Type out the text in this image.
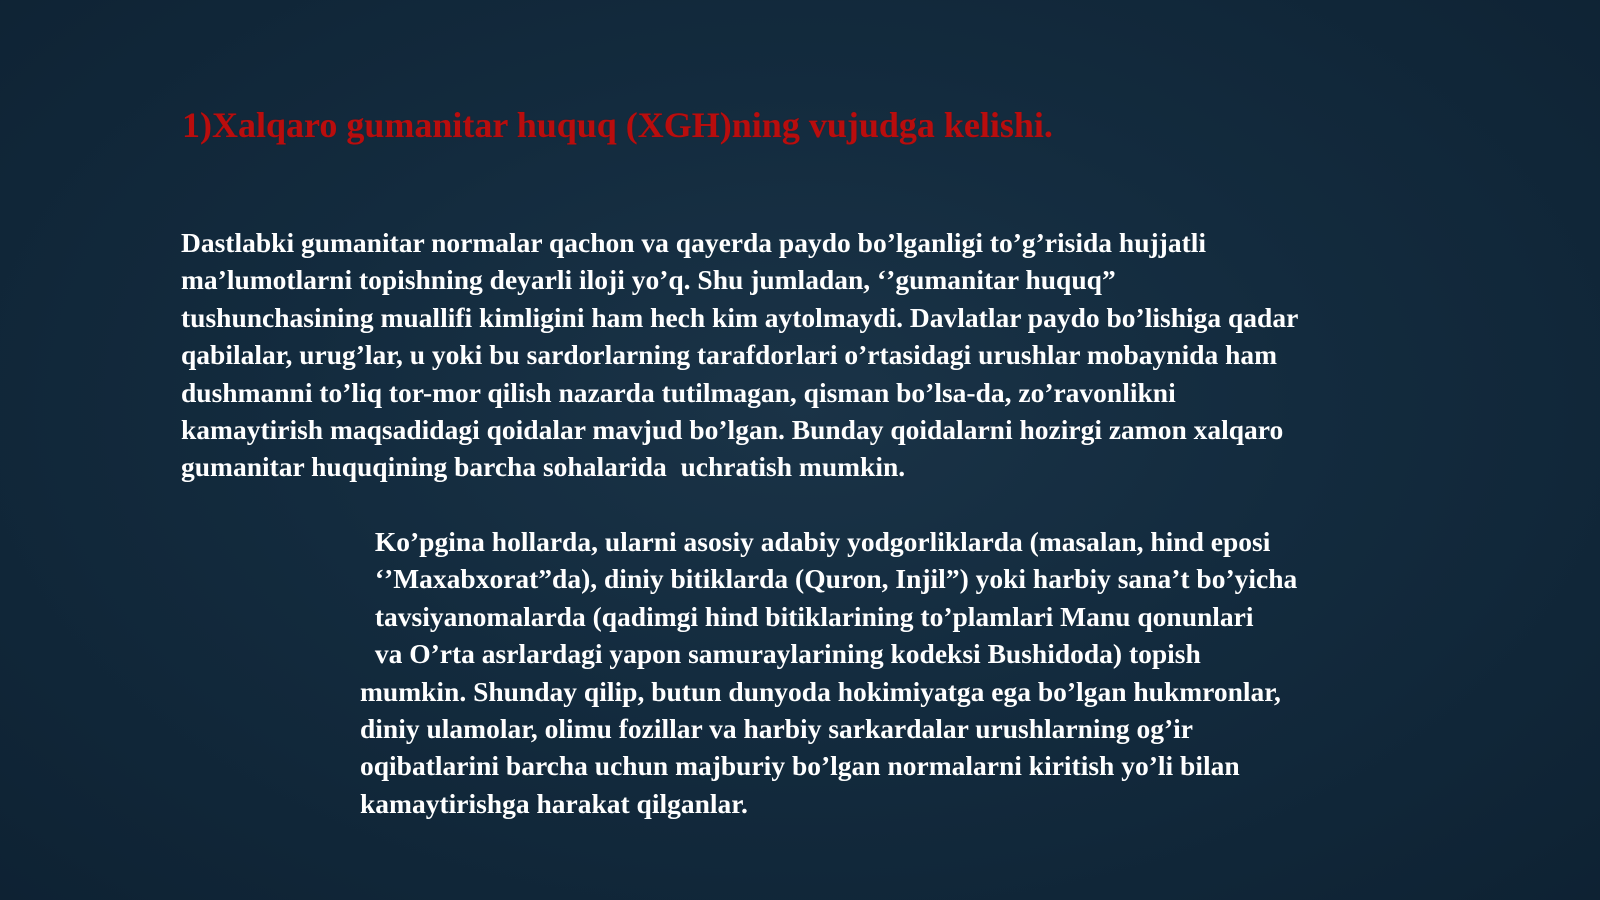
1)Xalqaro gumanitar huquq (XGH)ning vujudga kelishi.

Dastlabki gumanitar normalar qachon va qayerda paydo bo’lganligi to’g’risida hujjatli
ma’lumotlarni topishning deyarli iloji yo’q. Shu jumladan, ‘’gumanitar huquq”
tushunchasining muallifi kimligini ham hech kim aytolmaydi. Davlatlar paydo bo’lishiga qadar
qabilalar, urug’lar, u yoki bu sardorlarning tarafdorlari o’rtasidagi urushlar mobaynida ham
dushmanni to’liq tor-mor qilish nazarda tutilmagan, qisman bo’lsa-da, zo’ravonlikni
kamaytirish maqsadidagi qoidalar mavjud bo’lgan. Bunday qoidalarni hozirgi zamon xalqaro
gumanitar huquqining barcha sohalarida  uchratish mumkin.

Ko’pgina hollarda, ularni asosiy adabiy yodgorliklarda (masalan, hind eposi
‘’Maxabxorat”da), diniy bitiklarda (Quron, Injil”) yoki harbiy sana’t bo’yicha
tavsiyanomalarda (qadimgi hind bitiklarining to’plamlari Manu qonunlari
va O’rta asrlardagi yapon samuraylarining kodeksi Bushidoda) topish
mumkin. Shunday qilip, butun dunyoda hokimiyatga ega bo’lgan hukmronlar,
diniy ulamolar, olimu fozillar va harbiy sarkardalar urushlarning og’ir
oqibatlarini barcha uchun majburiy bo’lgan normalarni kiritish yo’li bilan
kamaytirishga harakat qilganlar.
